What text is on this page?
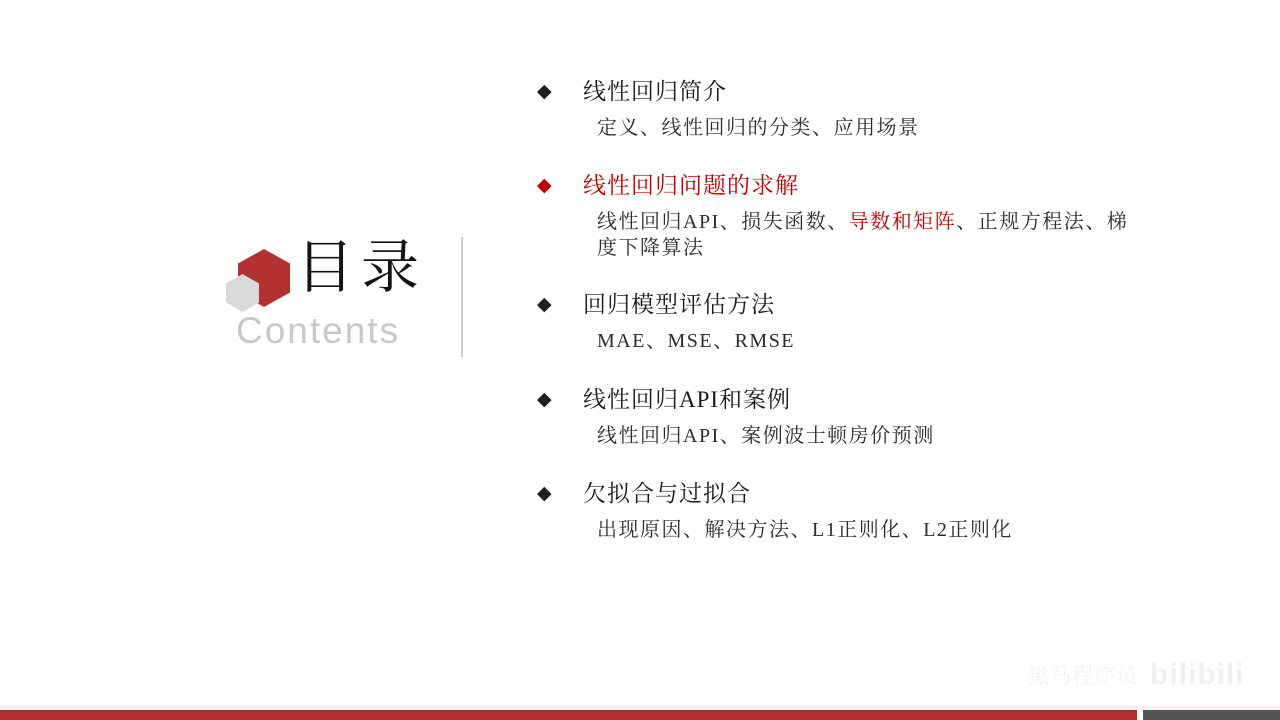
目录
Contents
◆	线性回归简介
定义、线性回归的分类、应用场景
◆	线性回归问题的求解
线性回归API、损失函数、导数和矩阵、正规方程法、梯
度下降算法
◆	回归模型评估方法
MAE、MSE、RMSE
◆	线性回归API和案例
线性回归API、案例波士顿房价预测
◆	欠拟合与过拟合
出现原因、解决方法、L1正则化、L2正则化
黑马程序员 bilibili
